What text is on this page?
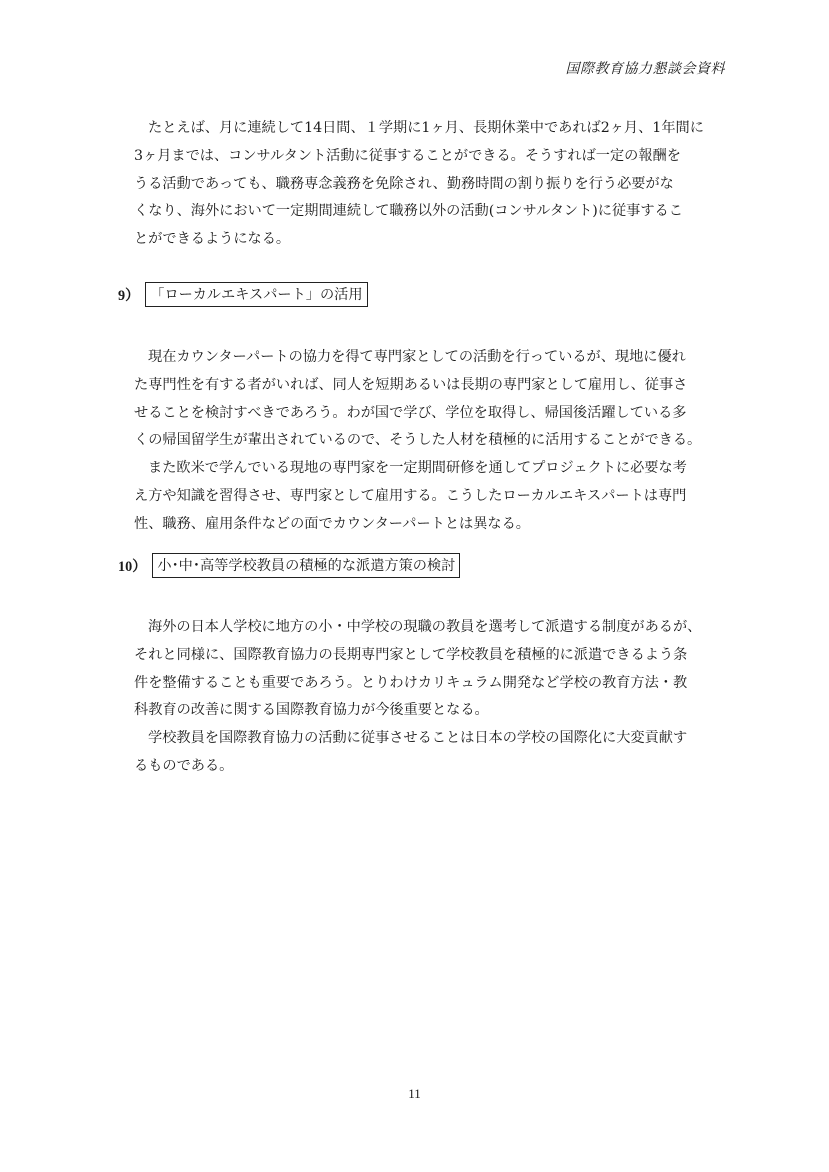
国際教育協力懇談会資料
たとえば、月に連続して14日間、１学期に1ヶ月、長期休業中であれば2ヶ月、1年間に
3ヶ月までは、コンサルタント活動に従事することができる。そうすれば一定の報酬を
うる活動であっても、職務専念義務を免除され、勤務時間の割り振りを行う必要がな
くなり、海外において一定期間連続して職務以外の活動(コンサルタント)に従事するこ
とができるようになる。
9） 「ローカルエキスパート」の活用
現在カウンターパートの協力を得て専門家としての活動を行っているが、現地に優れ
た専門性を有する者がいれば、同人を短期あるいは長期の専門家として雇用し、従事さ
せることを検討すべきであろう。わが国で学び、学位を取得し、帰国後活躍している多
くの帰国留学生が輩出されているので、そうした人材を積極的に活用することができる。
また欧米で学んでいる現地の専門家を一定期間研修を通してプロジェクトに必要な考
え方や知識を習得させ、専門家として雇用する。こうしたローカルエキスパートは専門
性、職務、雇用条件などの面でカウンターパートとは異なる。
10） 小･中･高等学校教員の積極的な派遣方策の検討
海外の日本人学校に地方の小・中学校の現職の教員を選考して派遣する制度があるが、
それと同様に、国際教育協力の長期専門家として学校教員を積極的に派遣できるよう条
件を整備することも重要であろう。とりわけカリキュラム開発など学校の教育方法・教
科教育の改善に関する国際教育協力が今後重要となる。
学校教員を国際教育協力の活動に従事させることは日本の学校の国際化に大変貢献す
るものである。
11
